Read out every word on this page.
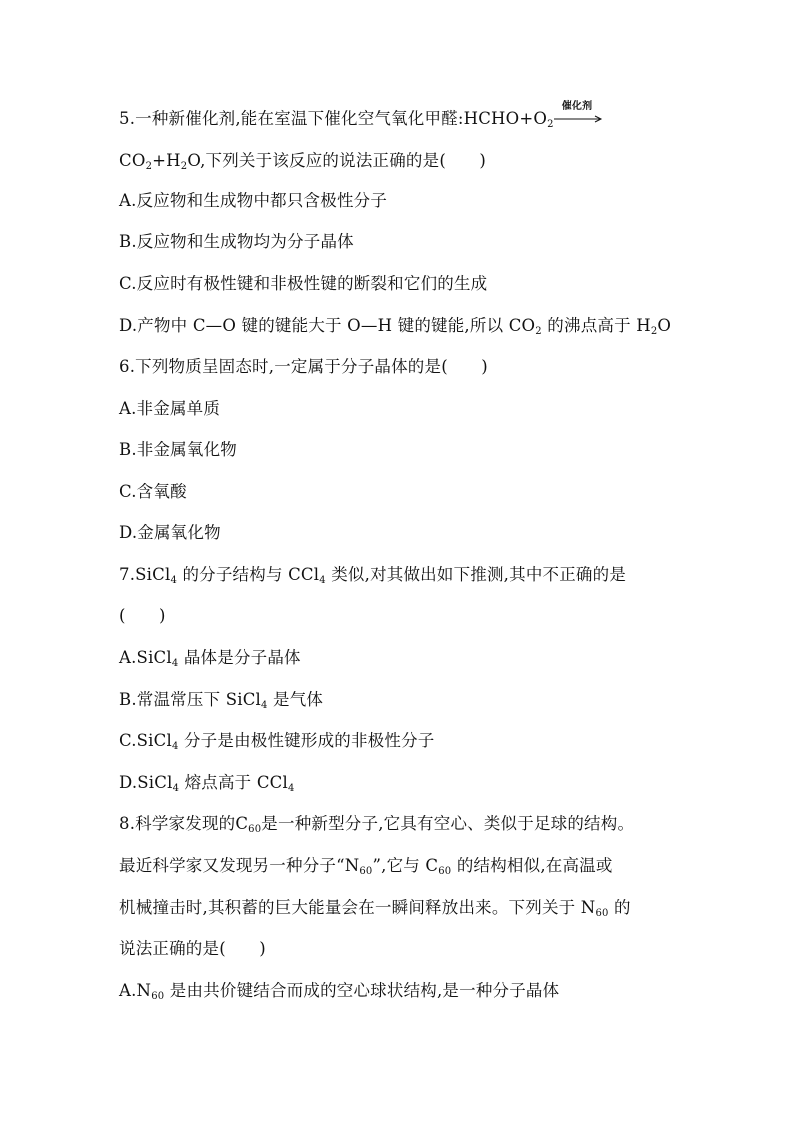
5.一种新催化剂,能在室温下催化空气氧化甲醛$:HCHO+O_2$
催化剂
$CO_2+H_2O$,下列关于该反应的说法正确的是(　　)
A.反应物和生成物中都只含极性分子
B.反应物和生成物均为分子晶体
C.反应时有极性键和非极性键的断裂和它们的生成
D.产物中 C—O 键的键能大于 O—H 键的键能,所以 $CO_2$ 的沸点高于 $H_2O$
6.下列物质呈固态时,一定属于分子晶体的是(　　)
A.非金属单质
B.非金属氧化物
C.含氧酸
D.金属氧化物
7.SiCl$_4$ 的分子结构与 CCl$_4$ 类似,对其做出如下推测,其中不正确的是
(　　)
A.SiCl$_4$ 晶体是分子晶体
B.常温常压下 SiCl$_4$ 是气体
C.SiCl$_4$ 分子是由极性键形成的非极性分子
D.SiCl$_4$ 熔点高于 CCl$_4$
8.科学家发现的$C_{60}$是一种新型分子,它具有空心、类似于足球的结构。
最近科学家又发现另一种分子“$N_{60}$”,它与 $C_{60}$ 的结构相似,在高温或
机械撞击时,其积蓄的巨大能量会在一瞬间释放出来。下列关于 $N_{60}$ 的
说法正确的是(　　)
$A.N_{60}$ 是由共价键结合而成的空心球状结构,是一种分子晶体
